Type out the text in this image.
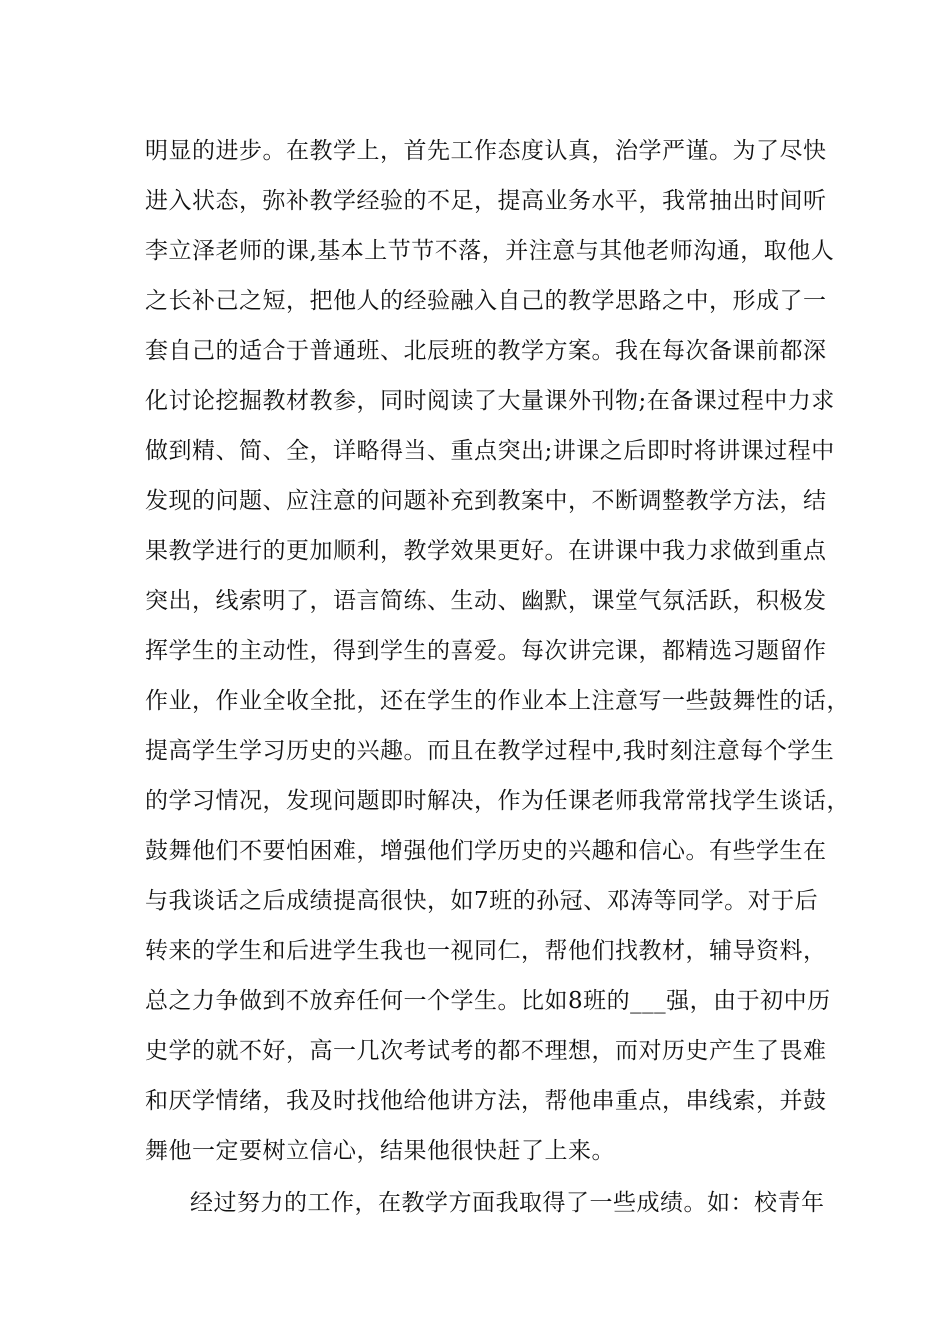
明显的进步。在教学上，首先工作态度认真，治学严谨。为了尽快
进入状态，弥补教学经验的不足，提高业务水平，我常抽出时间听
李立泽老师的课,基本上节节不落，并注意与其他老师沟通，取他人
之长补己之短，把他人的经验融入自己的教学思路之中，形成了一
套自己的适合于普通班、北辰班的教学方案。我在每次备课前都深
化讨论挖掘教材教参，同时阅读了大量课外刊物;在备课过程中力求
做到精、简、全，详略得当、重点突出;讲课之后即时将讲课过程中
发现的问题、应注意的问题补充到教案中，不断调整教学方法，结
果教学进行的更加顺利，教学效果更好。在讲课中我力求做到重点
突出，线索明了，语言简练、生动、幽默，课堂气氛活跃，积极发
挥学生的主动性，得到学生的喜爱。每次讲完课，都精选习题留作
作业，作业全收全批，还在学生的作业本上注意写一些鼓舞性的话，
提高学生学习历史的兴趣。而且在教学过程中,我时刻注意每个学生
的学习情况，发现问题即时解决，作为任课老师我常常找学生谈话，
鼓舞他们不要怕困难，增强他们学历史的兴趣和信心。有些学生在
与我谈话之后成绩提高很快，如7班的孙冠、邓涛等同学。对于后
转来的学生和后进学生我也一视同仁，帮他们找教材，辅导资料，
总之力争做到不放弃任何一个学生。比如8班的___强，由于初中历
史学的就不好，高一几次考试考的都不理想，而对历史产生了畏难
和厌学情绪，我及时找他给他讲方法，帮他串重点，串线索，并鼓
舞他一定要树立信心，结果他很快赶了上来。
经过努力的工作，在教学方面我取得了一些成绩。如：校青年
